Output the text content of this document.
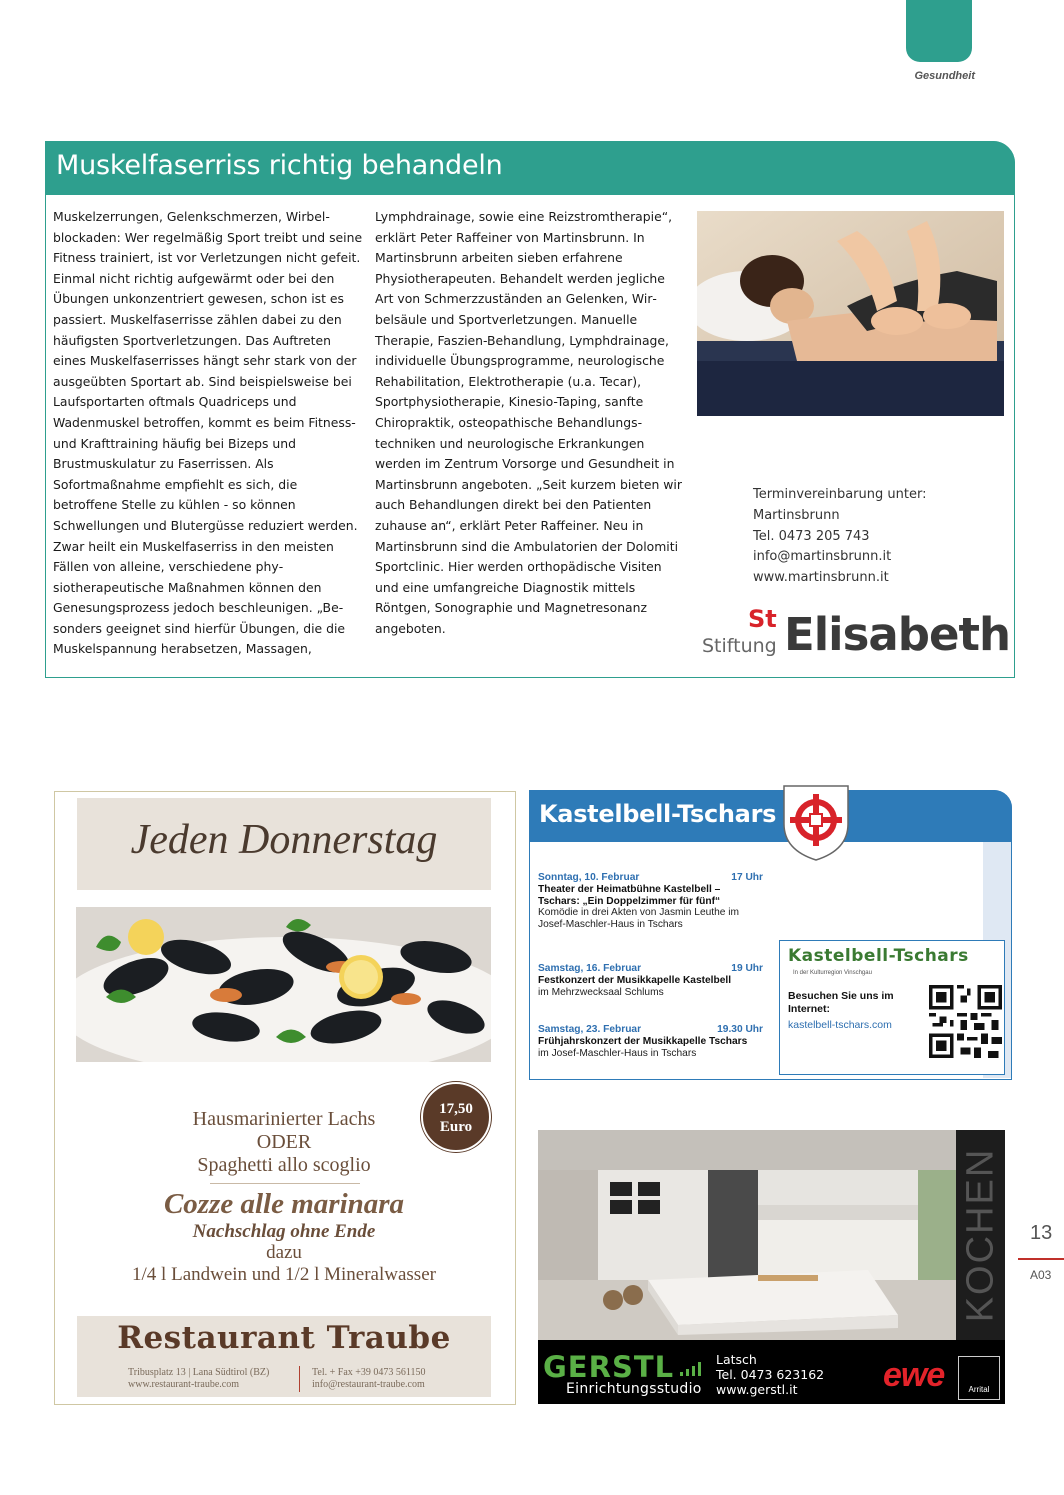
Gesundheit
Muskelfaserriss richtig behandeln

Muskelzerrungen, Gelenkschmerzen, Wirbelblockaden: Wer regelmäßig Sport treibt und seine Fitness trainiert, ist vor Verletzungen nicht gefeit. Einmal nicht richtig aufgewärmt oder bei den Übungen unkonzentriert gewesen, schon ist es passiert. Muskelfaserrisse zählen dabei zu den häufigsten Sportverletzungen. Das Auftreten eines Muskelfaserrisses hängt sehr stark von der ausgeübten Sportart ab. Sind beispielsweise bei Laufsportarten oftmals Quadriceps und Wadenmuskel betroffen, kommt es beim Fitness- und Krafttraining häufig bei Bizeps und Brustmuskulatur zu Faserrissen. Als Sofortmaßnahme empfiehlt es sich, die betroffene Stelle zu kühlen - so können Schwellungen und Blutergüsse reduziert werden. Zwar heilt ein Muskelfaserriss in den meisten Fällen von alleine, verschiedene physiotherapeutische Maßnahmen können den Genesungsprozess jedoch beschleunigen. „Besonders geeignet sind hierfür Übungen, die die Muskelspannung herabsetzen, Massagen,

Lymphdrainage, sowie eine Reizstromtherapie“, erklärt Peter Raffeiner von Martinsbrunn. In Martinsbrunn arbeiten sieben erfahrene Physiotherapeuten. Behandelt werden jegliche Art von Schmerzzuständen an Gelenken, Wirbelsäule und Sportverletzungen. Manuelle Therapie, Faszien-Behandlung, Lymphdrainage, individuelle Übungsprogramme, neurologische Rehabilitation, Elektrotherapie (u.a. Tecar), Sportphysiotherapie, Kinesio-Taping, sanfte Chiropraktik, osteopathische Behandlungstechniken und neurologische Erkrankungen werden im Zentrum Vorsorge und Gesundheit in Martinsbrunn angeboten. „Seit kurzem bieten wir auch Behandlungen direkt bei den Patienten zuhause an“, erklärt Peter Raffeiner. Neu in Martinsbrunn sind die Ambulatorien der Dolomiti Sportclinic. Hier werden orthopädische Visiten und eine umfangreiche Diagnostik mittels Röntgen, Sonographie und Magnetresonanz angeboten.

Terminvereinbarung unter:
Martinsbrunn
Tel. 0473 205 743
info@martinsbrunn.it
www.martinsbrunn.it
St
Stiftung Elisabeth
Jeden Donnerstag
17,50
Euro
Hausmarinierter Lachs
ODER
Spaghetti allo scoglio
Cozze alle marinara
Nachschlag ohne Ende
dazu
1/4 l Landwein und 1/2 l Mineralwasser
Restaurant Traube
Tribusplatz 13 | Lana Südtirol (BZ)
www.restaurant-traube.com
Tel. + Fax +39 0473 561150
info@restaurant-traube.com
Kastelbell-Tschars
Sonntag, 10. Februar	17 Uhr
Theater der Heimatbühne Kastelbell – Tschars: „Ein Doppelzimmer für fünf“
Komödie in drei Akten von Jasmin Leuthe im Josef-Maschler-Haus in Tschars
Samstag, 16. Februar	19 Uhr
Festkonzert der Musikkapelle Kastelbell
im Mehrzwecksaal Schlums
Samstag, 23. Februar	19.30 Uhr
Frühjahrskonzert der Musikkapelle Tschars
im Josef-Maschler-Haus in Tschars
Kastelbell-Tschars
In der Kulturregion Vinschgau
Besuchen Sie uns im Internet:
kastelbell-tschars.com
KOCHEN
GERSTL
Einrichtungsstudio
Latsch
Tel. 0473 623162
www.gerstl.it	ewe	Arrital
13
A03
